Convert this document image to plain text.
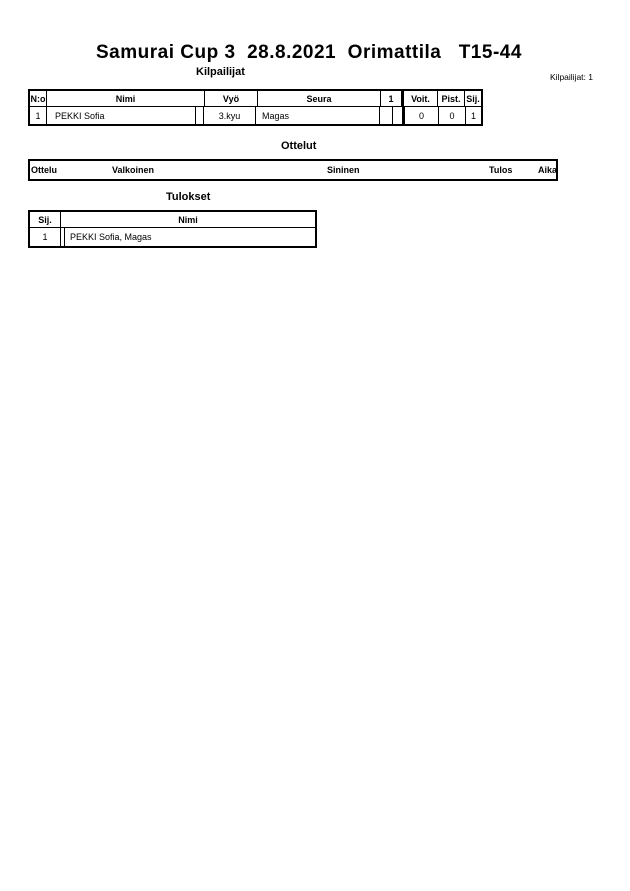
Samurai Cup 3  28.8.2021  Orimattila   T15-44
Kilpailijat: 1
Kilpailijat
N:o	Nimi	Vyö	Seura	1	Voit.	Pist. Sij.
1	PEKKI Sofia	3.kyu	Magas	0	0	1
Ottelut
Ottelu	Valkoinen	Sininen	Tulos	Aika
Tulokset
Sij.	Nimi
1	PEKKI Sofia, Magas
